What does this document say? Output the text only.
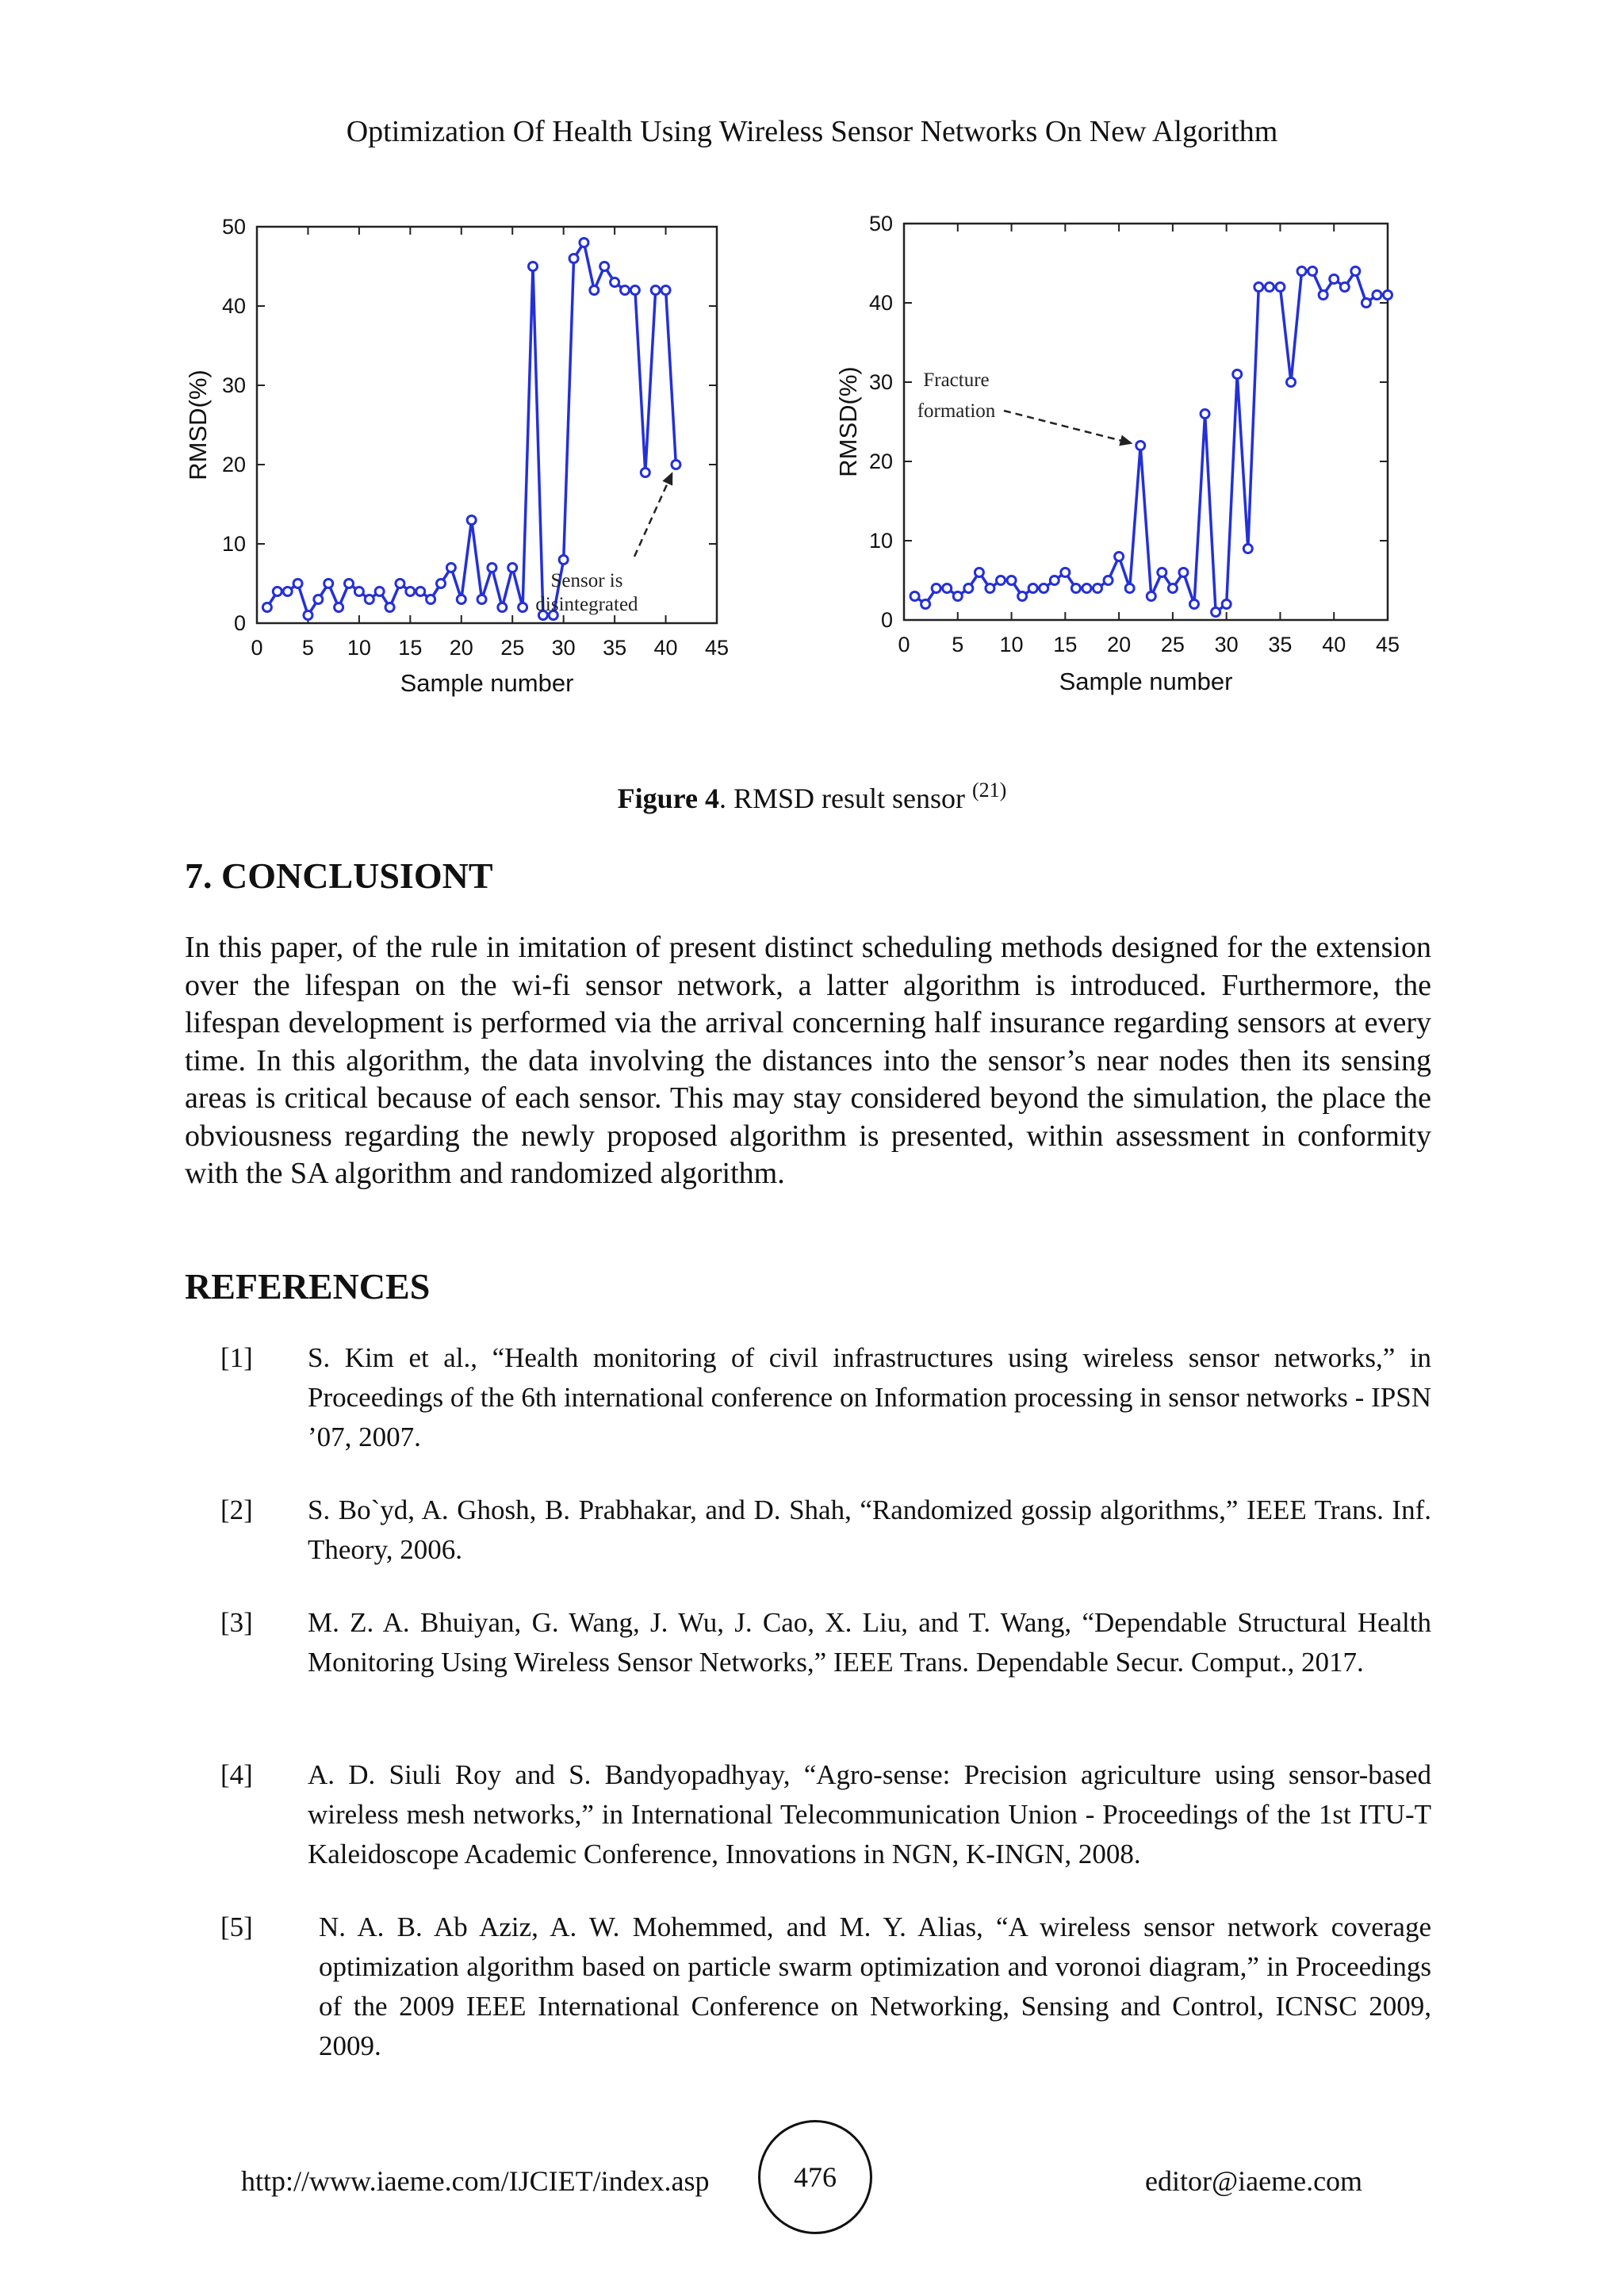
Optimization Of Health Using Wireless Sensor Networks On New Algorithm
0 5 10 15 20 25 30 35 40 45
0
10
20
30
40
50
Sample number
RMSD(%)
Sensor is
disintegrated
0 5 10 15 20 25 30 35 40 45
0
10
20
30
40
50
Sample number
RMSD(%)	Fracture
formation
Figure 4. RMSD result sensor $^{(21)}$
7. CONCLUSIONT
In this paper, of the rule in imitation of present distinct scheduling methods designed for the extension over the lifespan on the wi-fi sensor network, a latter algorithm is introduced. Furthermore, the lifespan development is performed via the arrival concerning half insurance regarding sensors at every time. In this algorithm, the data involving the distances into the sensor’s near nodes then its sensing areas is critical because of each sensor. This may stay considered beyond the simulation, the place the obviousness regarding the newly proposed algorithm is presented, within assessment in conformity with the SA algorithm and randomized algorithm.
REFERENCES
[1] S. Kim et al., “Health monitoring of civil infrastructures using wireless sensor networks,” in Proceedings of the 6th international conference on Information processing in sensor networks - IPSN ’07, 2007.
[2] S. Bo`yd, A. Ghosh, B. Prabhakar, and D. Shah, “Randomized gossip algorithms,” IEEE Trans. Inf. Theory, 2006.
[3] M. Z. A. Bhuiyan, G. Wang, J. Wu, J. Cao, X. Liu, and T. Wang, “Dependable Structural Health Monitoring Using Wireless Sensor Networks,” IEEE Trans. Dependable Secur. Comput., 2017.
[4] A. D. Siuli Roy and S. Bandyopadhyay, “Agro-sense: Precision agriculture using sensor-based wireless mesh networks,” in International Telecommunication Union - Proceedings of the 1st ITU-T Kaleidoscope Academic Conference, Innovations in NGN, K-INGN, 2008.
[5] N. A. B. Ab Aziz, A. W. Mohemmed, and M. Y. Alias, “A wireless sensor network coverage optimization algorithm based on particle swarm optimization and voronoi diagram,” in Proceedings of the 2009 IEEE International Conference on Networking, Sensing and Control, ICNSC 2009, 2009.
http://www.iaeme.com/IJCIET/index.asp	476	editor@iaeme.com
